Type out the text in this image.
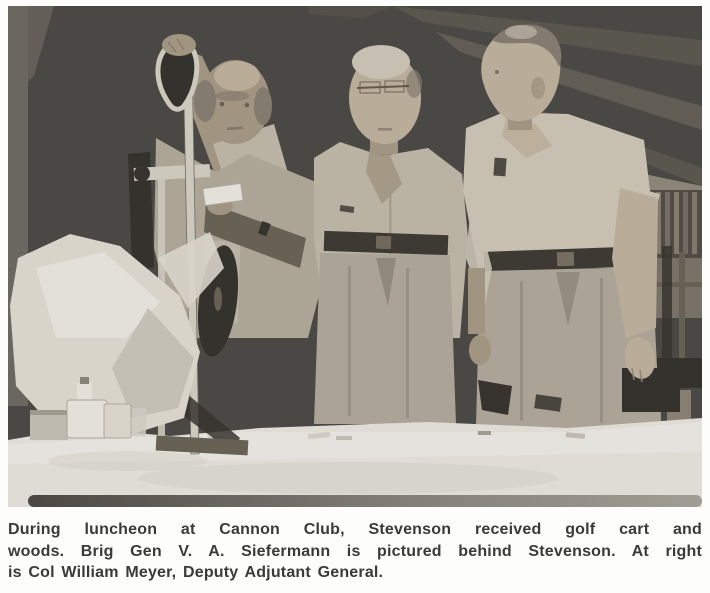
During luncheon at Cannon Club, Stevenson received golf cart and

woods. Brig Gen V. A. Siefermann is pictured behind Stevenson. At right

is Col William Meyer, Deputy Adjutant General.
